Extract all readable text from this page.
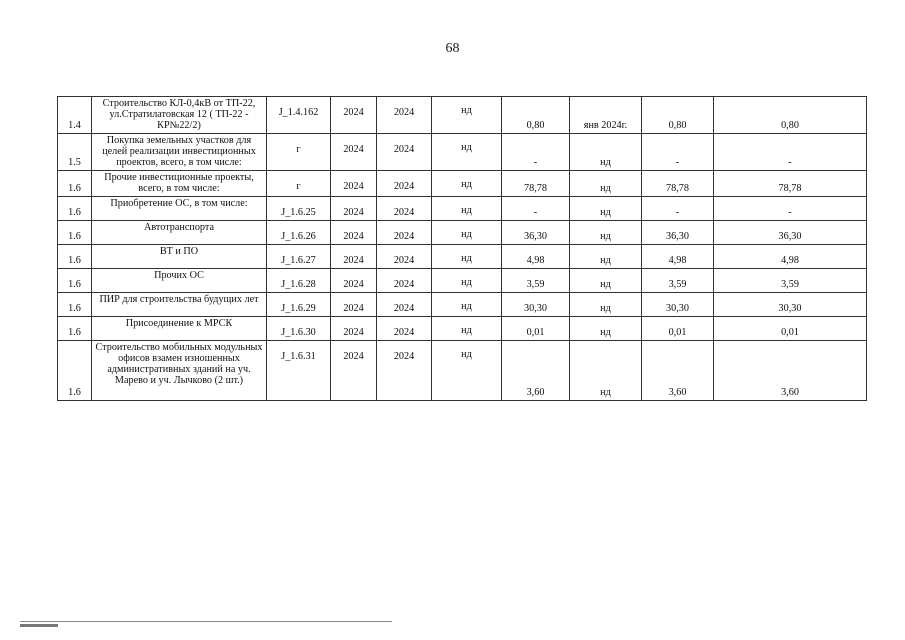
68
1.4	Строительство КЛ-0,4кВ от ТП-22, ул.Стратилатовская 12 ( ТП-22 - КР№22/2)	J_1.4.162	2024	2024	нд	0,80	янв 2024г.	0,80	0,80
1.5	Покупка земельных участков для целей реализации инвестиционных проектов, всего, в том числе:	г	2024	2024	нд	-	нд	-	-
1.6	Прочие инвестиционные проекты, всего, в том числе:	г	2024	2024	нд	78,78	нд	78,78	78,78
1.6	Приобретение ОС, в том числе:	J_1.6.25	2024	2024	нд	-	нд	-	-
1.6	Автотранспорта	J_1.6.26	2024	2024	нд	36,30	нд	36,30	36,30
1.6	ВТ и ПО	J_1.6.27	2024	2024	нд	4,98	нд	4,98	4,98
1.6	Прочих ОС	J_1.6.28	2024	2024	нд	3,59	нд	3,59	3,59
1.6	ПИР для строительства будущих лет	J_1.6.29	2024	2024	нд	30,30	нд	30,30	30,30
1.6	Присоединение к МРСК	J_1.6.30	2024	2024	нд	0,01	нд	0,01	0,01
1.6	Строительство мобильных модульных офисов взамен изношенных административных зданий на уч. Марево и уч. Лычково (2 шт.)	J_1.6.31	2024	2024	нд	3,60	нд	3,60	3,60
